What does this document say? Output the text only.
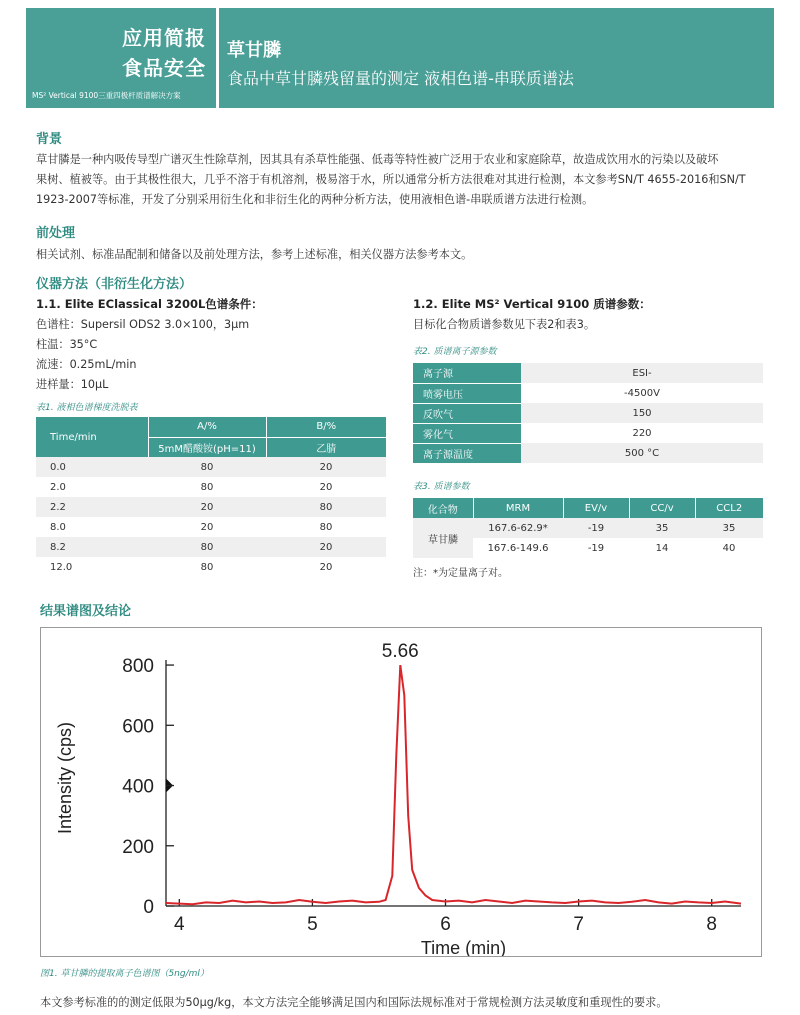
应用简报
食品安全
MS² Vertical 9100三重四极杆质谱解决方案
草甘膦
食品中草甘膦残留量的测定 液相色谱-串联质谱法
背景
草甘膦是一种内吸传导型广谱灭生性除草剂，因其具有杀草性能强、低毒等特性被广泛用于农业和家庭除草，故造成饮用水的污染以及破坏
果树、植被等。由于其极性很大，几乎不溶于有机溶剂，极易溶于水，所以通常分析方法很难对其进行检测，本文参考SN/T 4655-2016和SN/T
1923-2007等标准，开发了分别采用衍生化和非衍生化的两种分析方法，使用液相色谱-串联质谱方法进行检测。
前处理
相关试剂、标准品配制和储备以及前处理方法，参考上述标准，相关仪器方法参考本文。
仪器方法（非衍生化方法）
1.1. Elite EClassical 3200L色谱条件：
色谱柱：Supersil ODS2 3.0×100，3μm
柱温：35°C
流速：0.25mL/min
进样量：10μL
1.2. Elite MS² Vertical 9100 质谱参数：
目标化合物质谱参数见下表2和表3。
表1. 液相色谱梯度洗脱表
Time/min	A/%	B/%
	5mM醋酸铵(pH=11)	乙腈
0.0	80	20
2.0	80	20
2.2	20	80
8.0	20	80
8.2	80	20
12.0	80	20
表2. 质谱离子源参数
离子源	ESI-
喷雾电压	-4500V
反吹气	150
雾化气	220
离子源温度	500 °C
表3. 质谱参数
化合物	MRM	EV/v	CC/v	CCL2
草甘膦	167.6-62.9*	-19	35	35
	167.6-149.6	-19	14	40
注：*为定量离子对。
结果谱图及结论
0
200
400
600
800
4	5	6	7	8
5.66
Time (min)
Intensity (cps)
图1. 草甘膦的提取离子色谱图（5ng/ml）
本文参考标准的的测定低限为50μg/kg，本文方法完全能够满足国内和国际法规标准对于常规检测方法灵敏度和重现性的要求。
